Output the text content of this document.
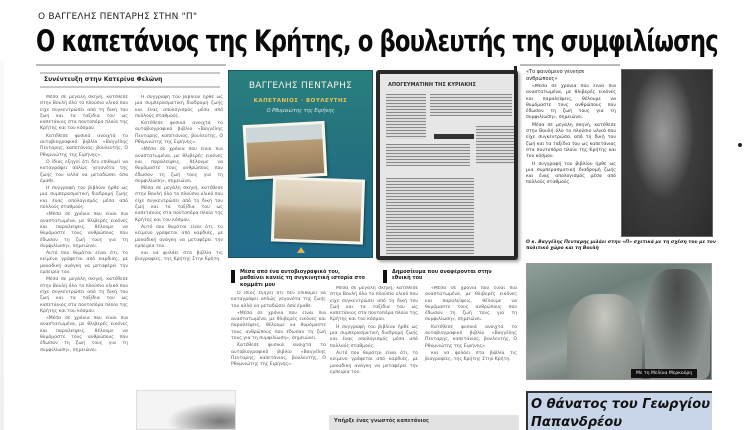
Ο ΒΑΓΓΕΛΗΣ ΠΕΝΤΑΡΗΣ ΣΤΗΝ "Π"
Ο καπετάνιος της Κρήτης, ο βουλευτής της συμφιλίωσης
Συνέντευξη στην Κατερίνα Φελώνη

Μέσα σε μεγάλη σκηνή, κατέθεσε στην Βουλή όλο το πλούσιο υλικό που είχε συγκεντρώσει από τη δική του ζωή και τα ταξίδια του ως καπετάνιος στα ποντοπόρα πλοία της Κρήτης και του κόσμου.

Κατέθεσε φυσικά ανοιχτά το αυτοβιογραφικό βιβλίο «Βαγγέλης Πενταρης, καπετάνιος, βουλευτής, Ο Ρθυμνιώτης της Ειρήνης».

Ο ίδιος εξηγεί ότι δεν επιθυμεί να καταγράψει απλώς γεγονότα της ζωής του αλλά να μεταδώσει όσα έμαθε.

Η συγγραφή του βιβλίου ήρθε ως μια συμπερασματική διαδρομή ζωής και ένας απολογισμός μέσα από πολλούς σταθμούς.

«Μέσα σε χρόνια που είναι πια αναστατωμένα, με θλιβερές εικόνες και παραλείψεις, θέλουμε να θυμόμαστε τους ανθρώπους που έδωσαν τη ζωή τους για τη συμφιλίωση», σημειώνει.

Αυτό που θυμάται είναι ότι, το κείμενο γράφεται από καρδιάς, με μοναδική ανάγκη να μεταφέρει την εμπειρία του.

Μέσα σε μεγάλη σκηνή, κατέθεσε στην Βουλή όλο το πλούσιο υλικό που είχε συγκεντρώσει από τη δική του ζωή και τα ταξίδια του ως καπετάνιος στα ποντοπόρα πλοία της Κρήτης και του κόσμου.

«Μέσα σε χρόνια που είναι πια αναστατωμένα, με θλιβερές εικόνες και παραλείψεις, θέλουμε να θυμόμαστε τους ανθρώπους που έδωσαν τη ζωή τους για τη συμφιλίωση», σημειώνει.

Η συγγραφή του βιβλίου ήρθε ως μια συμπερασματική διαδρομή ζωής και ένας απολογισμός μέσα από πολλούς σταθμούς.

Κατέθεσε φυσικά ανοιχτά το αυτοβιογραφικό βιβλίο «Βαγγέλης Πενταρης, καπετάνιος, βουλευτής, Ο Ρθυμνιώτης της Ειρήνης».

«Μέσα σε χρόνια που είναι πια αναστατωμένα, με θλιβερές εικόνες και παραλείψεις, θέλουμε να θυμόμαστε τους ανθρώπους που έδωσαν τη ζωή τους για τη συμφιλίωση», σημειώνει.

Μέσα σε μεγάλη σκηνή, κατέθεσε στην Βουλή όλο το πλούσιο υλικό που είχε συγκεντρώσει από τη δική του ζωή και τα ταξίδια του ως καπετάνιος στα ποντοπόρα πλοία της Κρήτης και του κόσμου.

Αυτό που θυμάται είναι ότι, το κείμενο γράφεται από καρδιάς, με μοναδική ανάγκη να μεταφέρει την εμπειρία του.

και να φυλάει στα βιβλία τις βιογραφίες, της Κρήτης Στην Κρήτη.

ΒΑΓΓΕΛΗΣ ΠΕΝΤΑΡΗΣ
ΚΑΠΕΤΑΝΙΟΣ · ΒΟΥΛΕΥΤΗΣ
Ο Ρθυμνιώτης της Ειρήνης
ΑΠΟΓΕΥΜΑΤΙΝΗ ΤΗΣ ΚΥΡΙΑΚΗΣ
Μέσα από ένα αυτοβιογραφικό του, μαθαίνει κανείς τη συγκινητική ιστορία στο κομμάτι μου
Δημοσίευμα που αναφέρονται στην εθνική του

Ο ίδιος εξηγεί ότι δεν επιθυμεί να καταγράψει απλώς γεγονότα της ζωής του αλλά να μεταδώσει όσα έμαθε.

«Μέσα σε χρόνια που είναι πια αναστατωμένα, με θλιβερές εικόνες και παραλείψεις, θέλουμε να θυμόμαστε τους ανθρώπους που έδωσαν τη ζωή τους για τη συμφιλίωση», σημειώνει.

Κατέθεσε φυσικά ανοιχτά το αυτοβιογραφικό βιβλίο «Βαγγέλης Πενταρης, καπετάνιος, βουλευτής, Ο Ρθυμνιώτης της Ειρήνης».

Μέσα σε μεγάλη σκηνή, κατέθεσε στην Βουλή όλο το πλούσιο υλικό που είχε συγκεντρώσει από τη δική του ζωή και τα ταξίδια του ως καπετάνιος στα ποντοπόρα πλοία της Κρήτης και του κόσμου.

Η συγγραφή του βιβλίου ήρθε ως μια συμπερασματική διαδρομή ζωής και ένας απολογισμός μέσα από πολλούς σταθμούς.

Αυτό που θυμάται είναι ότι, το κείμενο γράφεται από καρδιάς, με μοναδική ανάγκη να μεταφέρει την εμπειρία του.

«Μέσα σε χρόνια που είναι πια αναστατωμένα, με θλιβερές εικόνες και παραλείψεις, θέλουμε να θυμόμαστε τους ανθρώπους που έδωσαν τη ζωή τους για τη συμφιλίωση», σημειώνει.

Κατέθεσε φυσικά ανοιχτά το αυτοβιογραφικό βιβλίο «Βαγγέλης Πενταρης, καπετάνιος, βουλευτής, Ο Ρθυμνιώτης της Ειρήνης».

και να φυλάει στα βιβλία τις βιογραφίες, της Κρήτης Στην Κρήτη.

Υπήρξε ένας γνωστός καπετάνιος
«Το φαινόμενο γέννησε ανθρώπους»

«Μέσα σε χρόνια που είναι πια αναστατωμένα, με θλιβερές εικόνες και παραλείψεις, θέλουμε να θυμόμαστε τους ανθρώπους που έδωσαν τη ζωή τους για τη συμφιλίωση», σημειώνει.

Μέσα σε μεγάλη σκηνή, κατέθεσε στην Βουλή όλο το πλούσιο υλικό που είχε συγκεντρώσει από τη δική του ζωή και τα ταξίδια του ως καπετάνιος στα ποντοπόρα πλοία της Κρήτης και του κόσμου.

Η συγγραφή του βιβλίου ήρθε ως μια συμπερασματική διαδρομή ζωής και ένας απολογισμός μέσα από πολλούς σταθμούς.

Ο κ. Βαγγέλης Πενταρης μιλάει στην «Π» σχετικά με τη σχέση του με τον πολιτικό χώρο και τη Βουλή
Με τη Μελίνα Μερκούρη
Ο θάνατος του Γεωργίου Παπανδρέου
